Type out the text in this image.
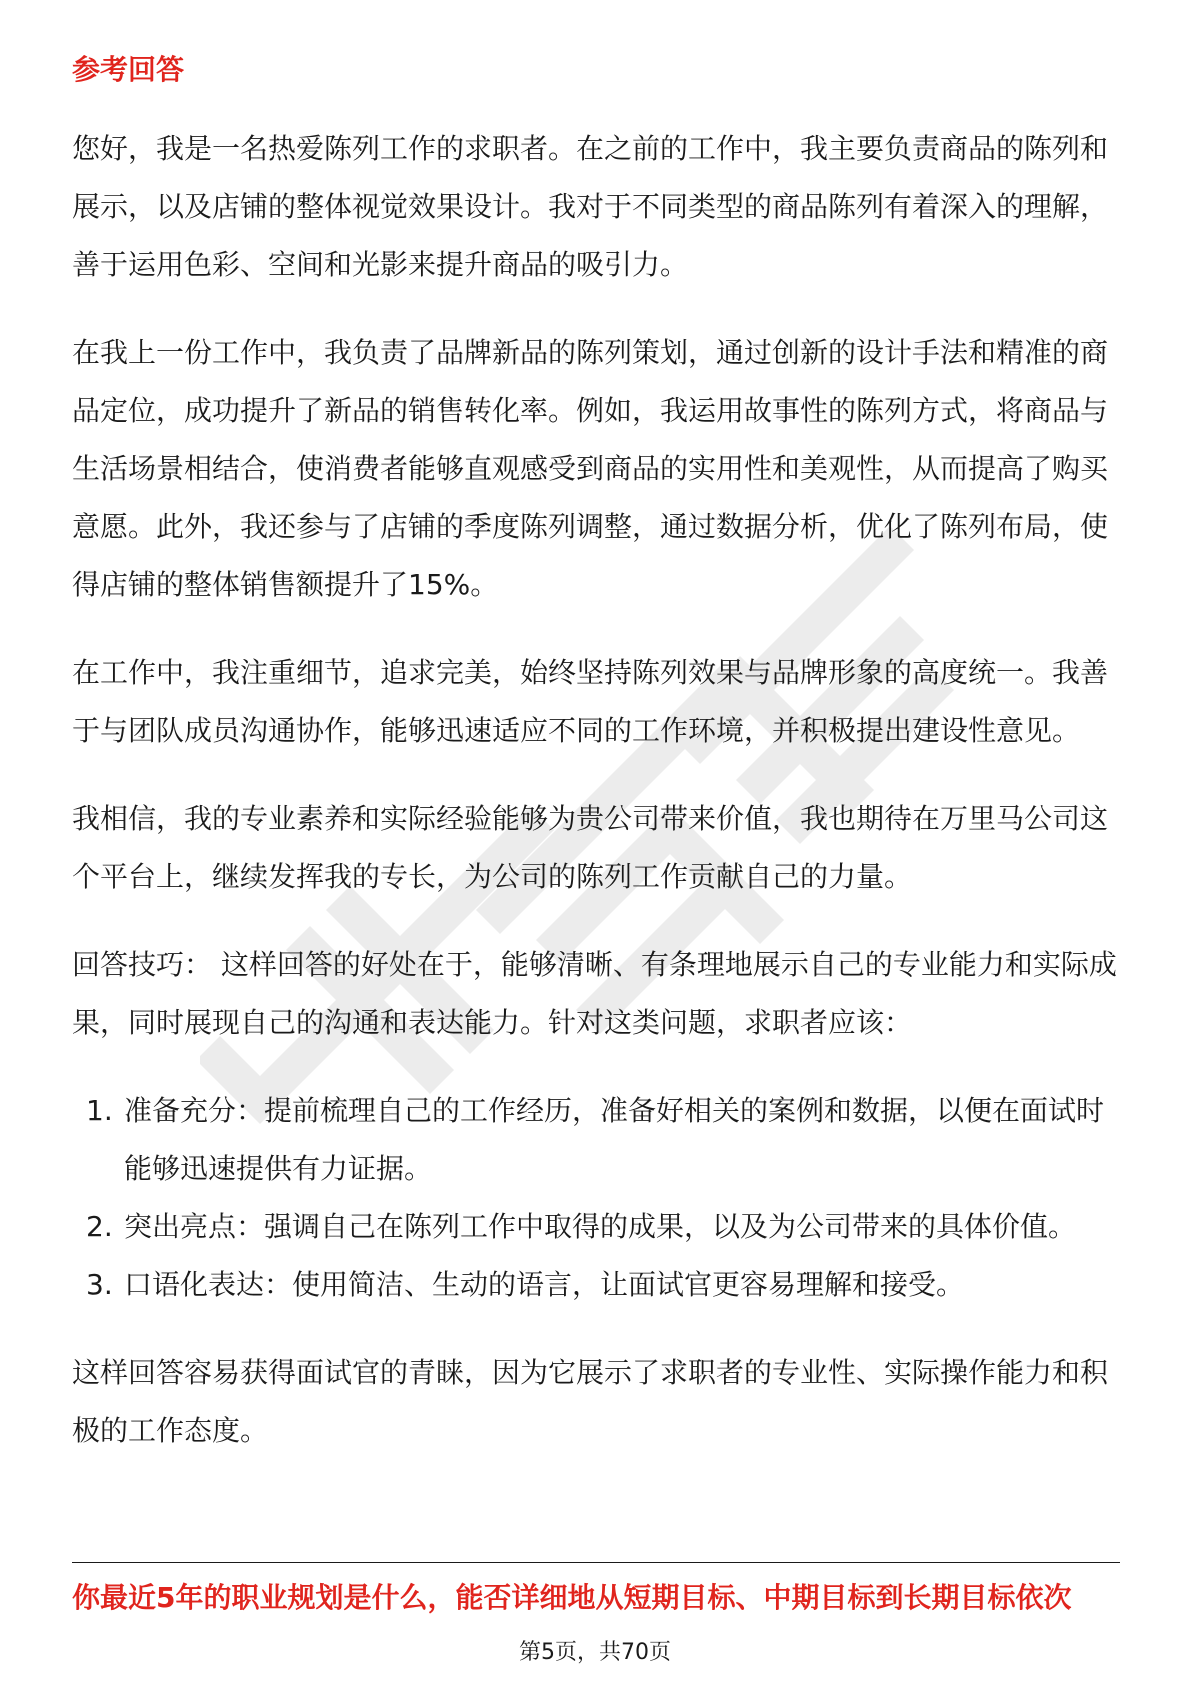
参考回答

您好，我是一名热爱陈列工作的求职者。在之前的工作中，我主要负责商品的陈列和展示，以及店铺的整体视觉效果设计。我对于不同类型的商品陈列有着深入的理解，善于运用色彩、空间和光影来提升商品的吸引力。

在我上一份工作中，我负责了品牌新品的陈列策划，通过创新的设计手法和精准的商品定位，成功提升了新品的销售转化率。例如，我运用故事性的陈列方式，将商品与生活场景相结合，使消费者能够直观感受到商品的实用性和美观性，从而提高了购买意愿。此外，我还参与了店铺的季度陈列调整，通过数据分析，优化了陈列布局，使得店铺的整体销售额提升了15%。

在工作中，我注重细节，追求完美，始终坚持陈列效果与品牌形象的高度统一。我善于与团队成员沟通协作，能够迅速适应不同的工作环境，并积极提出建设性意见。

我相信，我的专业素养和实际经验能够为贵公司带来价值，我也期待在万里马公司这个平台上，继续发挥我的专长，为公司的陈列工作贡献自己的力量。

回答技巧： 这样回答的好处在于，能够清晰、有条理地展示自己的专业能力和实际成果，同时展现自己的沟通和表达能力。针对这类问题，求职者应该：

1. 准备充分：提前梳理自己的工作经历，准备好相关的案例和数据，以便在面试时能够迅速提供有力证据。
2. 突出亮点：强调自己在陈列工作中取得的成果，以及为公司带来的具体价值。
3. 口语化表达：使用简洁、生动的语言，让面试官更容易理解和接受。

这样回答容易获得面试官的青睐，因为它展示了求职者的专业性、实际操作能力和积极的工作态度。

你最近5年的职业规划是什么，能否详细地从短期目标、中期目标到长期目标依次
第5页，共70页
